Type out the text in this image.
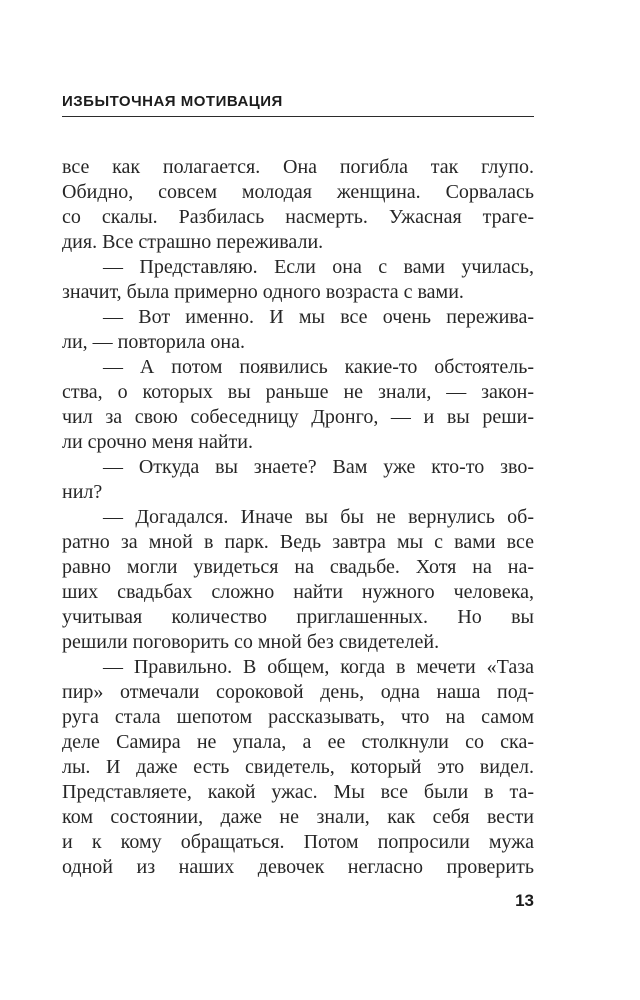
ИЗБЫТОЧНАЯ МОТИВАЦИЯ

все как полагается. Она погибла так глупо.
Обидно, совсем молодая женщина. Сорвалась
со скалы. Разбилась насмерть. Ужасная траге-
дия. Все страшно переживали.

— Представляю. Если она с вами училась,
значит, была примерно одного возраста с вами.

— Вот именно. И мы все очень пережива-
ли, — повторила она.

— А потом появились какие-то обстоятель-
ства, о которых вы раньше не знали, — закон-
чил за свою собеседницу Дронго, — и вы реши-
ли срочно меня найти.

— Откуда вы знаете? Вам уже кто-то зво-
нил?

— Догадался. Иначе вы бы не вернулись об-
ратно за мной в парк. Ведь завтра мы с вами все
равно могли увидеться на свадьбе. Хотя на на-
ших свадьбах сложно найти нужного человека,
учитывая количество приглашенных. Но вы
решили поговорить со мной без свидетелей.

— Правильно. В общем, когда в мечети «Таза
пир» отмечали сороковой день, одна наша под-
руга стала шепотом рассказывать, что на самом
деле Самира не упала, а ее столкнули со ска-
лы. И даже есть свидетель, который это видел.
Представляете, какой ужас. Мы все были в та-
ком состоянии, даже не знали, как себя вести
и к кому обращаться. Потом попросили мужа
одной из наших девочек негласно проверить

13
